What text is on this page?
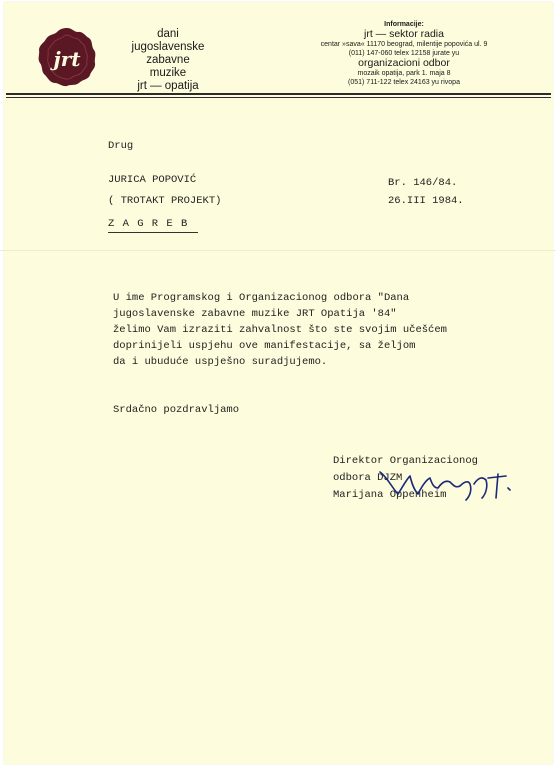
jrt
dani
jugoslavenske
zabavne
muzike
jrt — opatija
Informacije:
jrt — sektor radia
centar »sava« 11170 beograd, milentije popovića ul. 9
(011) 147-060 telex 12158 jurate yu
organizacioni odbor
mozaik opatija, park 1. maja 8
(051) 711-122 telex 24163 yu rivopa
Drug
JURICA POPOVIĆ
( TROTAKT PROJEKT)
Z A G R E B
Br. 146/84.
26.III 1984.
U ime Programskog i Organizacionog odbora "Dana
jugoslavenske zabavne muzike JRT Opatija '84"
želimo Vam izraziti zahvalnost što ste svojim učešćem
doprinijeli uspjehu ove manifestacije, sa željom
da i ubuduće uspješno suradjujemo.
Srdačno pozdravljamo
Direktor Organizacionog
odbora DJZM
Marijana Oppenheim
